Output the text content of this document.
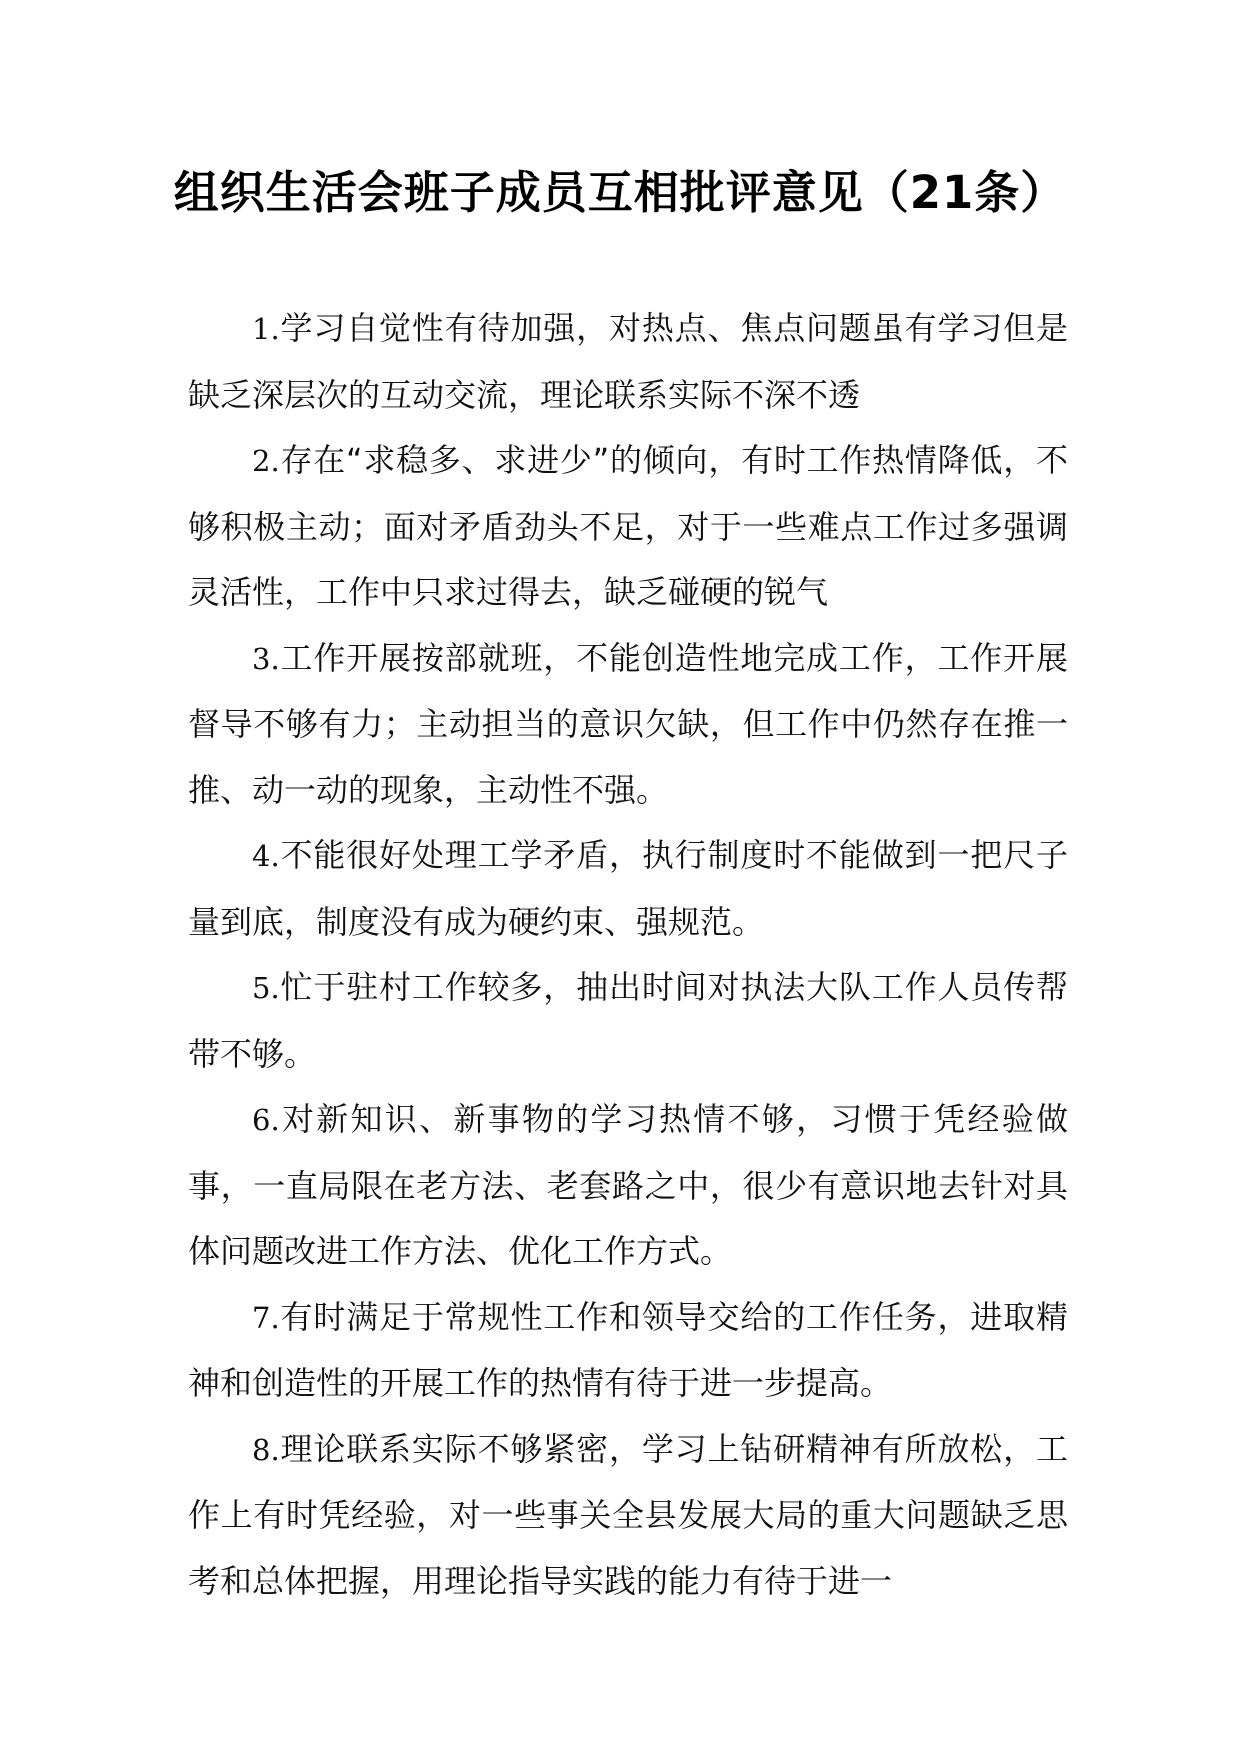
组织生活会班子成员互相批评意见（21条）

1.学习自觉性有待加强，对热点、焦点问题虽有学习但是缺乏深层次的互动交流，理论联系实际不深不透

2.存在“求稳多、求进少”的倾向，有时工作热情降低，不够积极主动；面对矛盾劲头不足，对于一些难点工作过多强调灵活性，工作中只求过得去，缺乏碰硬的锐气

3.工作开展按部就班，不能创造性地完成工作，工作开展督导不够有力；主动担当的意识欠缺，但工作中仍然存在推一推、动一动的现象，主动性不强。

4.不能很好处理工学矛盾，执行制度时不能做到一把尺子量到底，制度没有成为硬约束、强规范。

5.忙于驻村工作较多，抽出时间对执法大队工作人员传帮带不够。

6.对新知识、新事物的学习热情不够，习惯于凭经验做事，一直局限在老方法、老套路之中，很少有意识地去针对具体问题改进工作方法、优化工作方式。

7.有时满足于常规性工作和领导交给的工作任务，进取精神和创造性的开展工作的热情有待于进一步提高。

8.理论联系实际不够紧密，学习上钻研精神有所放松，工作上有时凭经验，对一些事关全县发展大局的重大问题缺乏思考和总体把握，用理论指导实践的能力有待于进一
